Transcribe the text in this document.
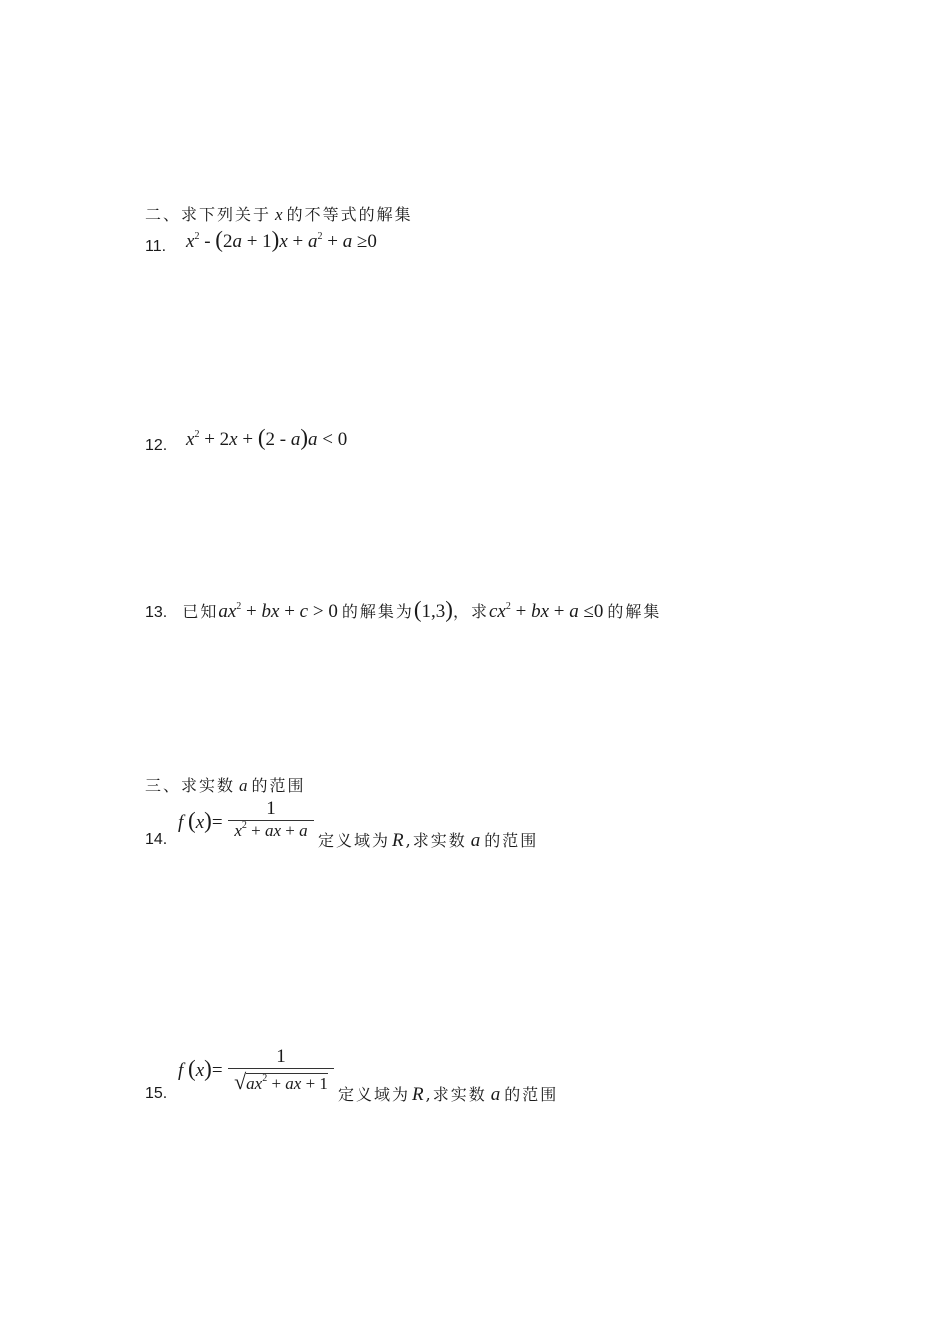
二、求下列关于 x 的不等式的解集
11. $x^2 - (2a + 1)x + a^2 + a \ge 0$
12. $x^2 + 2x + (2 - a)a < 0$
13. 已知$ax^2$ + bx + c > 0 的解集为(1,3)，求$cx^2$ + bx + a ≤0 的解集
三、求实数 a 的范围
14.
f (x)=
1
$x^2$ + ax + a
定义域为 R ,求实数 a 的范围
15.
f (x)=
1
$√ax^2$ + ax + 1
定义域为 R ,求实数 a 的范围
